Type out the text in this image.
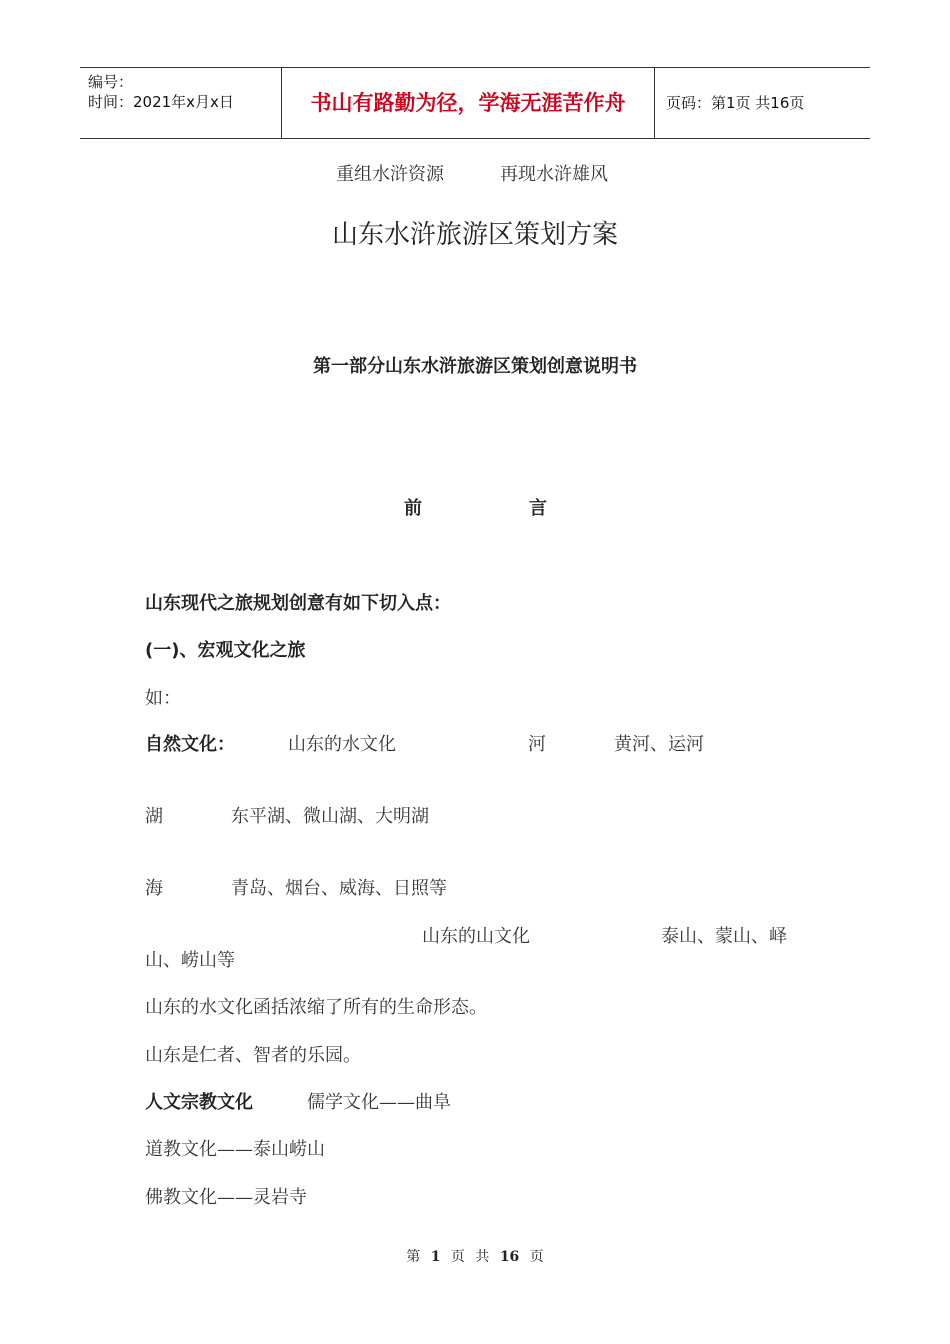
编号：
时间：2021年x月x日	书山有路勤为径，学海无涯苦作舟	页码：第1页 共16页
重组水浒资源	再现水浒雄风
山东水浒旅游区策划方案
第一部分山东水浒旅游区策划创意说明书
前	言
山东现代之旅规划创意有如下切入点：
(一)、宏观文化之旅
如：
自然文化：	山东的水文化	河	黄河、运河
湖	东平湖、微山湖、大明湖
海	青岛、烟台、威海、日照等
山东的山文化	泰山、蒙山、峄
山、崂山等
山东的水文化函括浓缩了所有的生命形态。
山东是仁者、智者的乐园。
人文宗教文化	儒学文化——曲阜
道教文化——泰山崂山
佛教文化——灵岩寺
第 1 页 共 16 页
